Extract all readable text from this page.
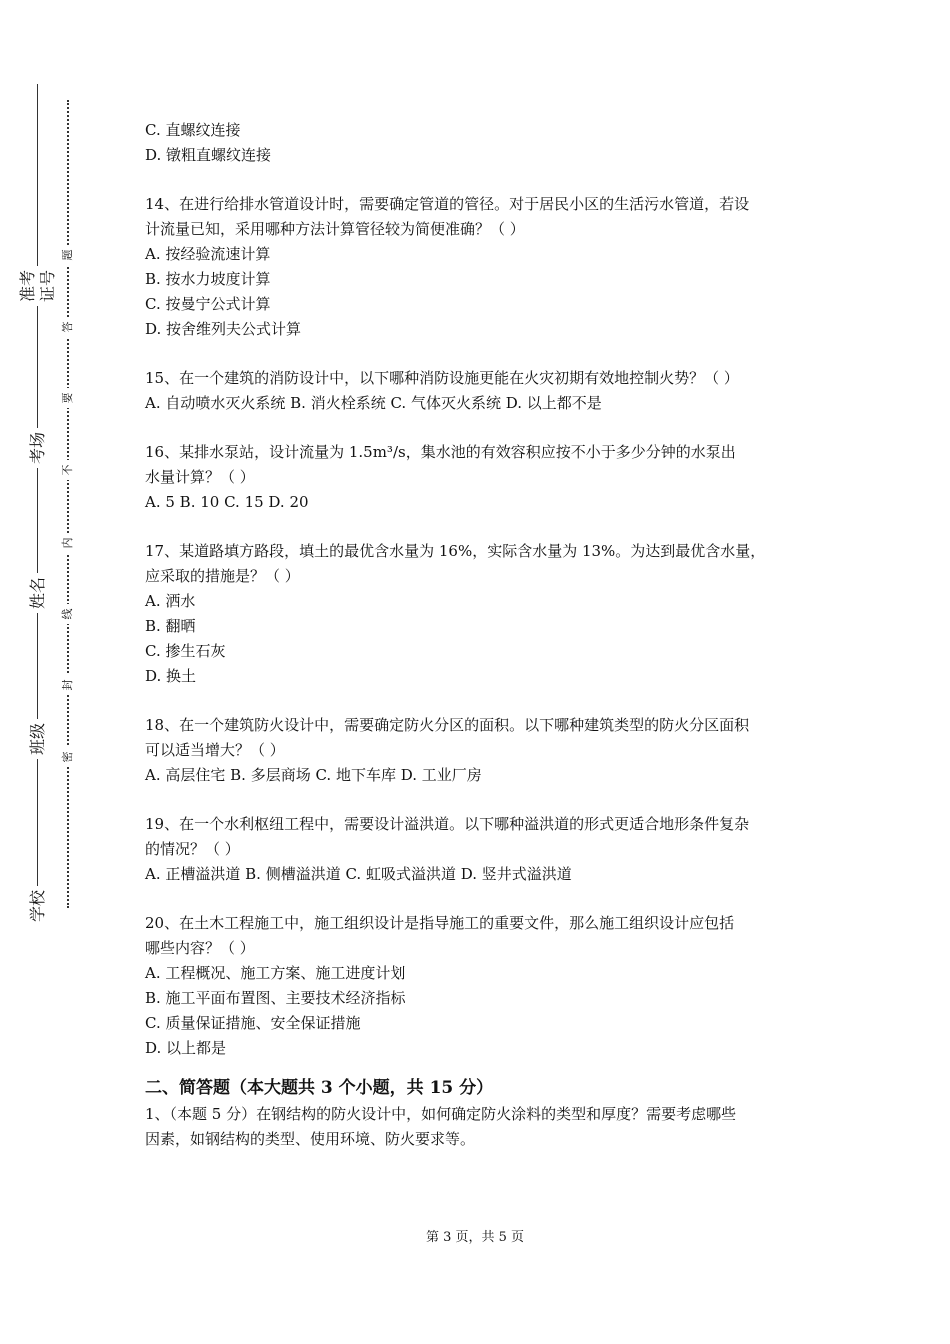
准考证号
考场
姓名
班级
学校
题
答
要
不
内
线
封
密

C. 直螺纹连接

D. 镦粗直螺纹连接

14、在进行给排水管道设计时，需要确定管道的管径。对于居民小区的生活污水管道，若设

计流量已知，采用哪种方法计算管径较为简便准确？（ ）

A. 按经验流速计算

B. 按水力坡度计算

C. 按曼宁公式计算

D. 按舍维列夫公式计算

15、在一个建筑的消防设计中，以下哪种消防设施更能在火灾初期有效地控制火势？（ ）

A. 自动喷水灭火系统 B. 消火栓系统 C. 气体灭火系统 D. 以上都不是

16、某排水泵站，设计流量为 1.5m³/s，集水池的有效容积应按不小于多少分钟的水泵出

水量计算？（ ）

A. 5 B. 10 C. 15 D. 20

17、某道路填方路段，填土的最优含水量为 16%，实际含水量为 13%。为达到最优含水量，

应采取的措施是？（ ）

A. 洒水

B. 翻晒

C. 掺生石灰

D. 换土

18、在一个建筑防火设计中，需要确定防火分区的面积。以下哪种建筑类型的防火分区面积

可以适当增大？（ ）

A. 高层住宅 B. 多层商场 C. 地下车库 D. 工业厂房

19、在一个水利枢纽工程中，需要设计溢洪道。以下哪种溢洪道的形式更适合地形条件复杂

的情况？（ ）

A. 正槽溢洪道 B. 侧槽溢洪道 C. 虹吸式溢洪道 D. 竖井式溢洪道

20、在土木工程施工中，施工组织设计是指导施工的重要文件，那么施工组织设计应包括

哪些内容？（ ）

A. 工程概况、施工方案、施工进度计划

B. 施工平面布置图、主要技术经济指标

C. 质量保证措施、安全保证措施

D. 以上都是

二、简答题（本大题共 3 个小题，共 15 分）

1、（本题 5 分）在钢结构的防火设计中，如何确定防火涂料的类型和厚度？需要考虑哪些

因素，如钢结构的类型、使用环境、防火要求等。

第 3 页，共 5 页
